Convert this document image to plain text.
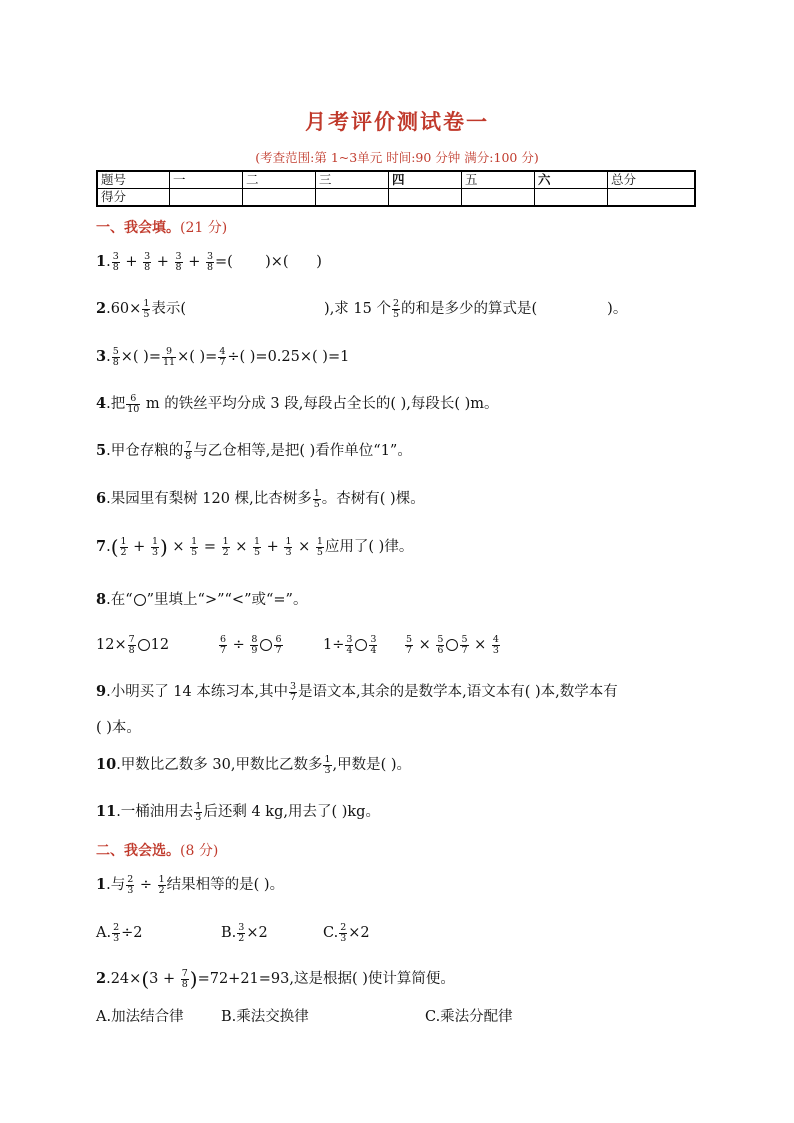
月考评价测试卷一
(考查范围:第 1~3单元 时间:90 分钟 满分:100 分)
题号	一	二	三	四	五	六	总分
得分							
一、我会填。(21 分)
1. $\frac{3}{8} + \frac{3}{8} + \frac{3}{8} + \frac{3}{8}$ =(       )×(      )
$2.60\times \frac{1}{5}$ 表示(	),求 15 个 $\frac{2}{5}$ 的和是多少的算式是(	)。
3. $\frac{5}{8}$ ×( )= $\frac{9}{11}$ ×( )= $\frac{4}{7}$ ÷( )=0.25×( )=1
4.把 $\frac{6}{10}$ m 的铁丝平均分成 3 段,每段占全长的( ),每段长( )m。
5.甲仓存粮的 $\frac{7}{8}$ 与乙仓相等,是把( )看作单位“1”。
6.果园里有梨树 120 棵,比杏树多 $\frac{1}{5}$ 。杏树有( )棵。
$7.( \frac{1}{2} + \frac{1}{3}$ ) × $\frac{1}{5} = \frac{1}{2} \times \frac{1}{5} + \frac{1}{3} \times \frac{1}{5}$ 应用了( )律。
8.在“ ”里填上“>”“<”或“=”。
$12\times \frac{7}{8} 12$	$\frac{6}{7} \div \frac{8}{9} \frac{6}{7}$	$1\div \frac{3}{4} \frac{3}{4}$	$\frac{5}{7} \times \frac{5}{6} \frac{5}{7} \times \frac{4}{3}$
9.小明买了 14 本练习本,其中 $\frac{3}{7}$ 是语文本,其余的是数学本,语文本有( )本,数学本有
( )本。
10.甲数比乙数多 30,甲数比乙数多 $\frac{1}{3}$ ,甲数是( )。
11.一桶油用去 $\frac{1}{3}$ 后还剩 4 kg,用去了( )kg。
二、我会选。(8 分)
1.与 $\frac{2}{3} \div \frac{1}{2}$ 结果相等的是( )。
A. $\frac{2}{3} \div 2$	B. $\frac{3}{2} \times 2$	C. $\frac{2}{3} \times 2$
$2.24\times(3 + \frac{7}{8} )=72+21=93$,这是根据( )使计算简便。
A.加法结合律	B.乘法交换律	C.乘法分配律
